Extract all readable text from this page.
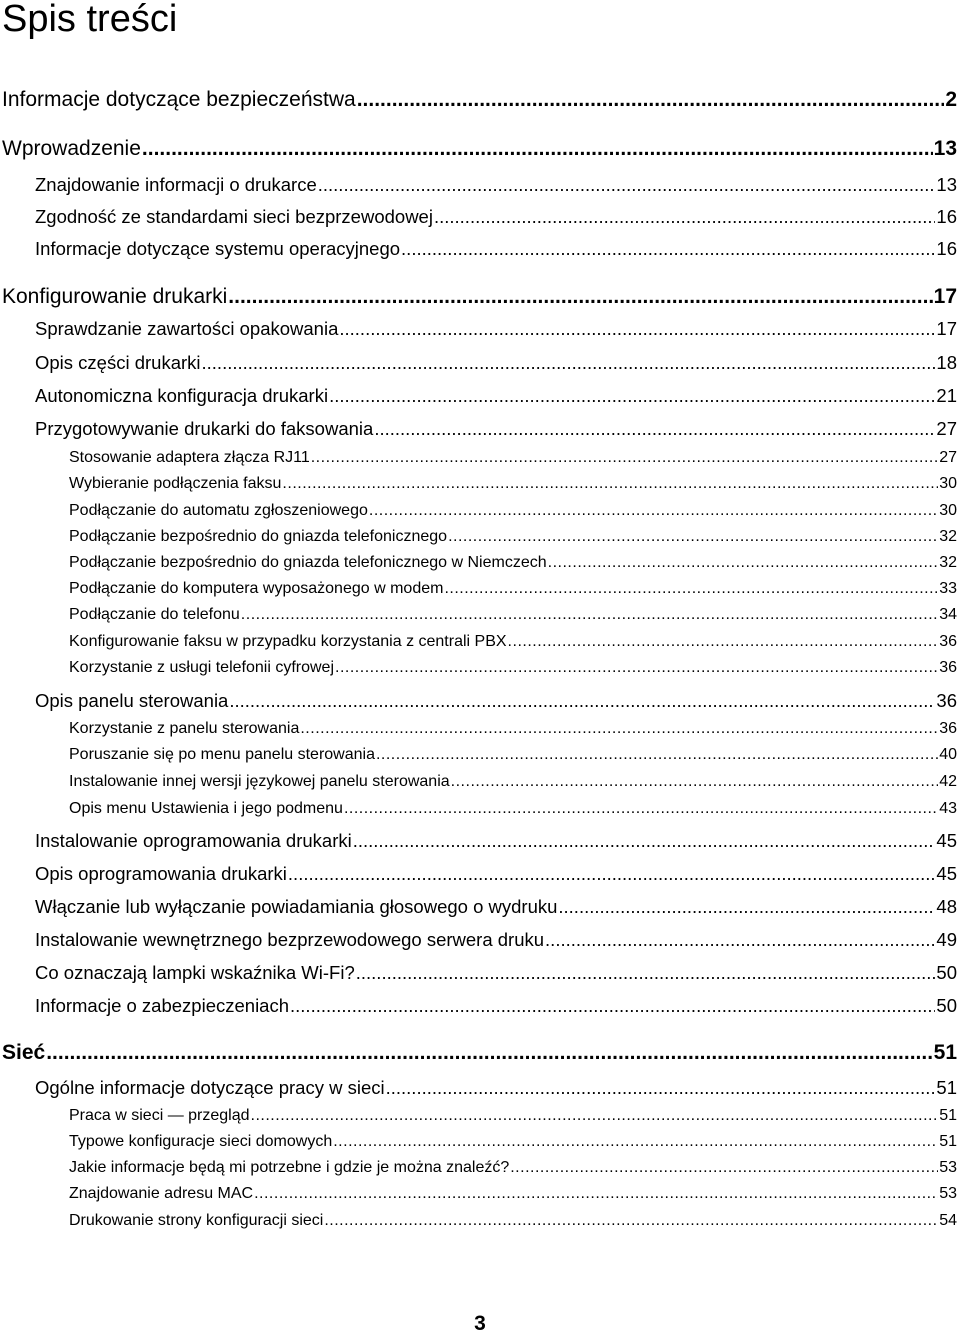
Spis treści
Informacje dotyczące bezpieczeństwa .....	2
Wprowadzenie .....	13
Znajdowanie informacji o drukarce .....	13
Zgodność ze standardami sieci bezprzewodowej .....	16
Informacje dotyczące systemu operacyjnego .....	16
Konfigurowanie drukarki .....	17
Sprawdzanie zawartości opakowania .....	17
Opis części drukarki .....	18
Autonomiczna konfiguracja drukarki .....	21
Przygotowywanie drukarki do faksowania .....	27
Stosowanie adaptera złącza RJ11 .....	27
Wybieranie podłączenia faksu .....	30
Podłączanie do automatu zgłoszeniowego .....	30
Podłączanie bezpośrednio do gniazda telefonicznego .....	32
Podłączanie bezpośrednio do gniazda telefonicznego w Niemczech .....	32
Podłączanie do komputera wyposażonego w modem .....	33
Podłączanie do telefonu .....	34
Konfigurowanie faksu w przypadku korzystania z centrali PBX .....	36
Korzystanie z usługi telefonii cyfrowej .....	36
Opis panelu sterowania .....	36
Korzystanie z panelu sterowania .....	36
Poruszanie się po menu panelu sterowania .....	40
Instalowanie innej wersji językowej panelu sterowania .....	42
Opis menu Ustawienia i jego podmenu .....	43
Instalowanie oprogramowania drukarki .....	45
Opis oprogramowania drukarki .....	45
Włączanie lub wyłączanie powiadamiania głosowego o wydruku .....	48
Instalowanie wewnętrznego bezprzewodowego serwera druku .....	49
Co oznaczają lampki wskaźnika Wi-Fi? .....	50
Informacje o zabezpieczeniach .....	50
Sieć .....	51
Ogólne informacje dotyczące pracy w sieci .....	51
Praca w sieci — przegląd .....	51
Typowe konfiguracje sieci domowych .....	51
Jakie informacje będą mi potrzebne i gdzie je można znaleźć? .....	53
Znajdowanie adresu MAC .....	53
Drukowanie strony konfiguracji sieci .....	54
3
